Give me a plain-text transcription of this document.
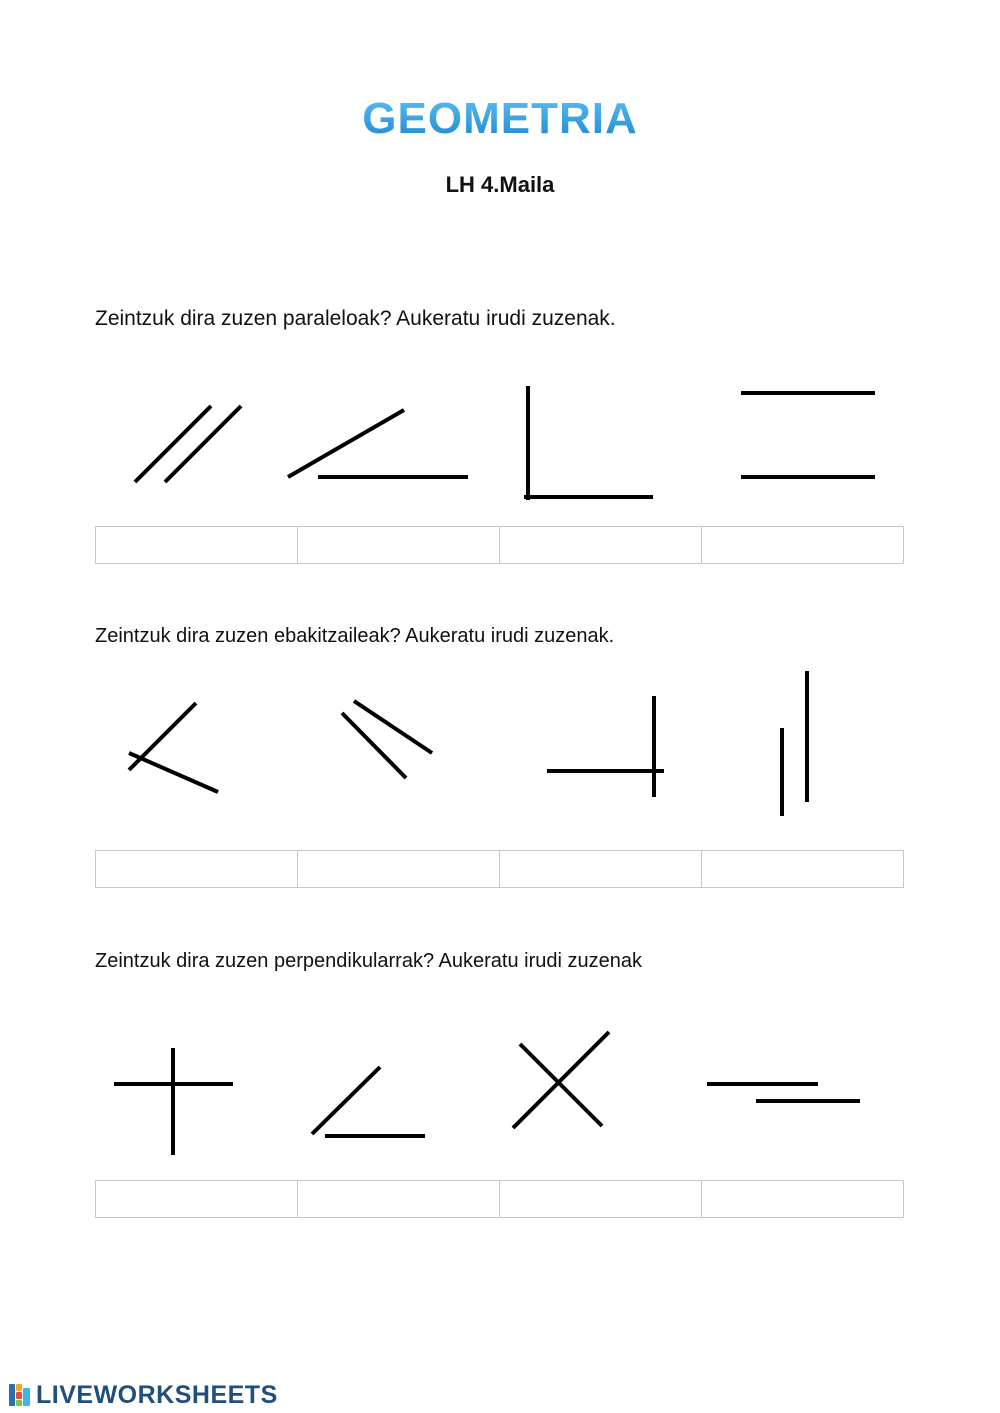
GEOMETRIA
LH 4.Maila
Zeintzuk dira zuzen paraleloak? Aukeratu irudi zuzenak.
Zeintzuk dira zuzen ebakitzaileak? Aukeratu irudi zuzenak.
Zeintzuk dira zuzen perpendikularrak? Aukeratu irudi zuzenak
LIVEWORKSHEETS
